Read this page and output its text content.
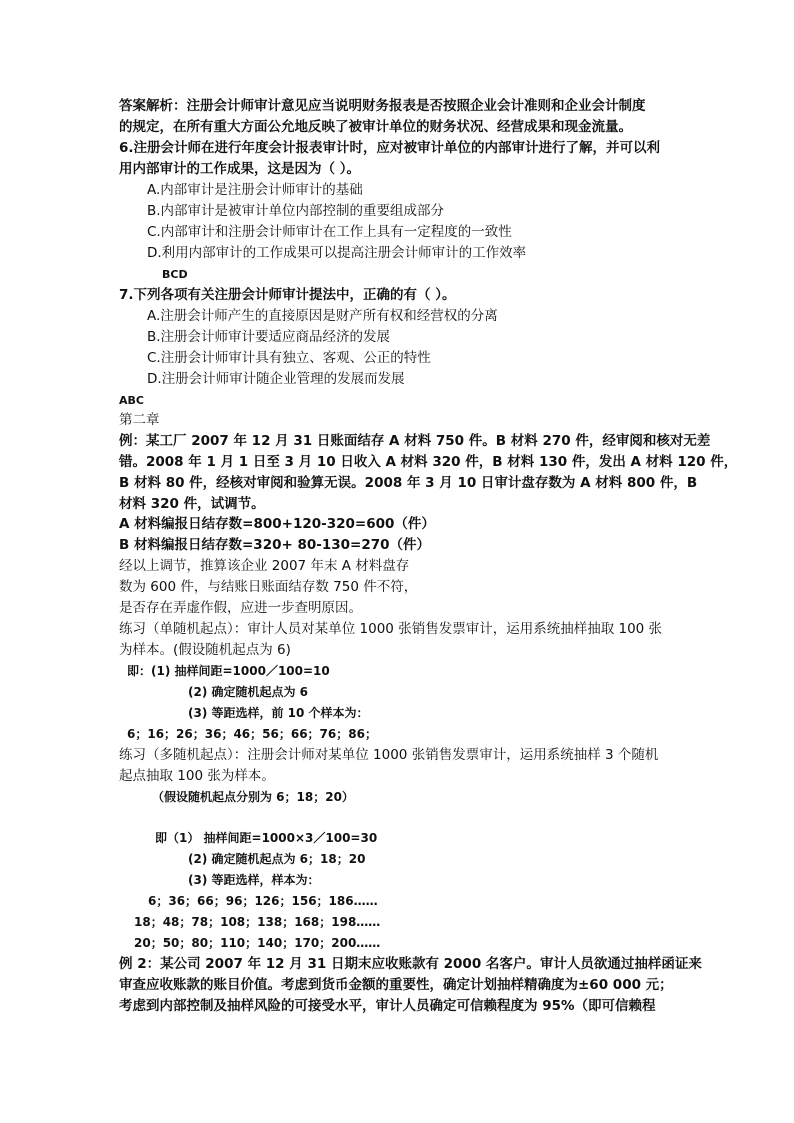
答案解析：注册会计师审计意见应当说明财务报表是否按照企业会计准则和企业会计制度
的规定，在所有重大方面公允地反映了被审计单位的财务状况、经营成果和现金流量。
6.注册会计师在进行年度会计报表审计时，应对被审计单位的内部审计进行了解，并可以利
用内部审计的工作成果，这是因为（ ）。
A.内部审计是注册会计师审计的基础
B.内部审计是被审计单位内部控制的重要组成部分
C.内部审计和注册会计师审计在工作上具有一定程度的一致性
D.利用内部审计的工作成果可以提高注册会计师审计的工作效率
BCD
7.下列各项有关注册会计师审计提法中，正确的有（ ）。
A.注册会计师产生的直接原因是财产所有权和经营权的分离
B.注册会计师审计要适应商品经济的发展
C.注册会计师审计具有独立、客观、公正的特性
D.注册会计师审计随企业管理的发展而发展
ABC
第二章
例：某工厂 2007 年 12 月 31 日账面结存 A 材料 750 件。B 材料 270 件，经审阅和核对无差
错。2008 年 1 月 1 日至 3 月 10 日收入 A 材料 320 件，B 材料 130 件，发出 A 材料 120 件，
B 材料 80 件，经核对审阅和验算无误。2008 年 3 月 10 日审计盘存数为 A 材料 800 件，B
材料 320 件，试调节。
A 材料编报日结存数=800+120-320=600（件）
B 材料编报日结存数=320+ 80-130=270（件）
经以上调节，推算该企业 2007 年末 A 材料盘存
数为 600 件，与结账日账面结存数 750 件不符，
是否存在弄虚作假，应进一步查明原因。
练习（单随机起点）：审计人员对某单位 1000 张销售发票审计，运用系统抽样抽取 100 张
为样本。(假设随机起点为 6)
即：(1) 抽样间距=1000／100=10
(2) 确定随机起点为 6
(3) 等距选样，前 10 个样本为：
6；16；26；36；46；56；66；76；86；
练习（多随机起点）：注册会计师对某单位 1000 张销售发票审计，运用系统抽样 3 个随机
起点抽取 100 张为样本。
（假设随机起点分别为 6；18；20）
即（1） 抽样间距=1000×3／100=30
(2) 确定随机起点为 6；18；20
(3) 等距选样，样本为：
6；36；66；96；126；156；186……
18；48；78；108；138；168；198……
20；50；80；110；140；170；200……
例 2：某公司 2007 年 12 月 31 日期末应收账款有 2000 名客户。审计人员欲通过抽样函证来
审查应收账款的账目价值。考虑到货币金额的重要性，确定计划抽样精确度为±60 000 元；
考虑到内部控制及抽样风险的可接受水平，审计人员确定可信赖程度为 95%（即可信赖程
